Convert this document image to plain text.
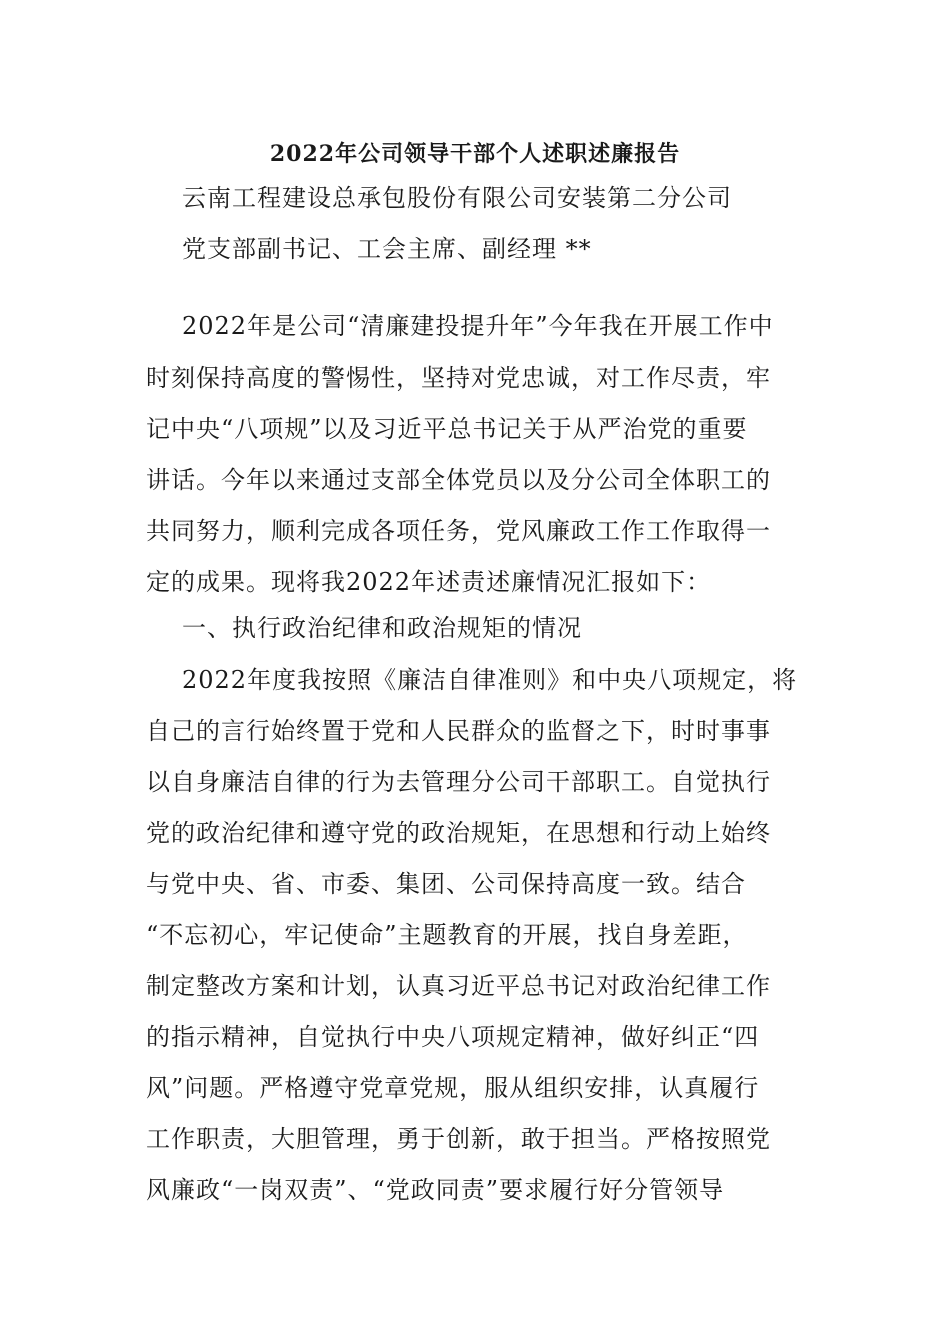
2022年公司领导干部个人述职述廉报告
云南工程建设总承包股份有限公司安装第二分公司
党支部副书记、工会主席、副经理 **
2022年是公司“清廉建投提升年”今年我在开展工作中
时刻保持高度的警惕性，坚持对党忠诚，对工作尽责，牢
记中央“八项规”以及习近平总书记关于从严治党的重要
讲话。今年以来通过支部全体党员以及分公司全体职工的
共同努力，顺利完成各项任务，党风廉政工作工作取得一
定的成果。现将我2022年述责述廉情况汇报如下：
一、执行政治纪律和政治规矩的情况
2022年度我按照《廉洁自律准则》和中央八项规定，将
自己的言行始终置于党和人民群众的监督之下，时时事事
以自身廉洁自律的行为去管理分公司干部职工。自觉执行
党的政治纪律和遵守党的政治规矩，在思想和行动上始终
与党中央、省、市委、集团、公司保持高度一致。结合
“不忘初心，牢记使命”主题教育的开展，找自身差距，
制定整改方案和计划，认真习近平总书记对政治纪律工作
的指示精神，自觉执行中央八项规定精神，做好纠正“四
风”问题。严格遵守党章党规，服从组织安排，认真履行
工作职责，大胆管理，勇于创新，敢于担当。严格按照党
风廉政“一岗双责”、“党政同责”要求履行好分管领导
